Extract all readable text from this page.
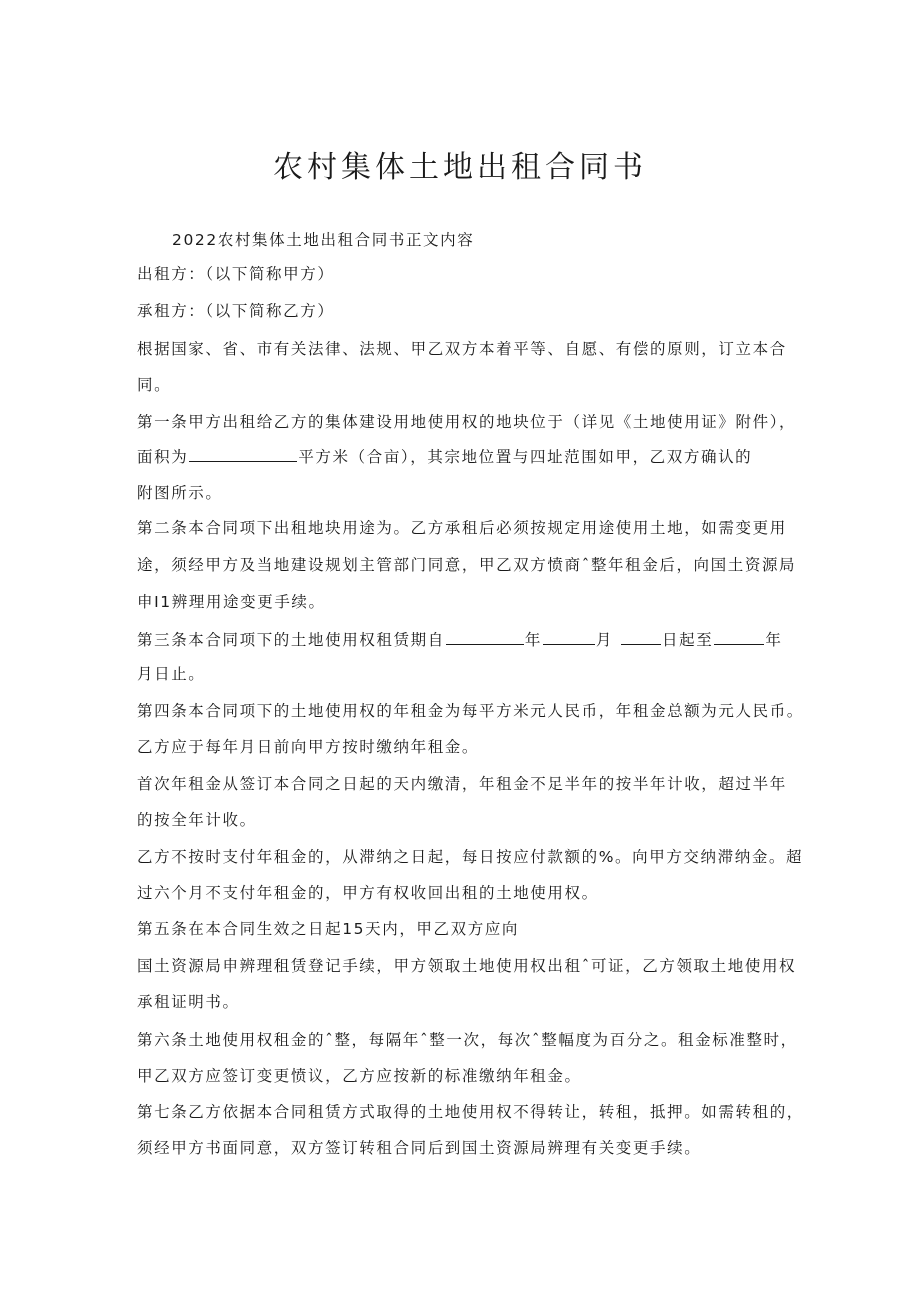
农村集体土地出租合同书
2022农村集体土地出租合同书正文内容
出租方：（以下简称甲方）
承租方：（以下简称乙方）
根据国家、省、市有关法律、法规、甲乙双方本着平等、自愿、有偿的原则，订立本合
同。
第一条甲方出租给乙方的集体建设用地使用权的地块位于（详见《土地使用证》附件），
面积为	平方米（合亩），其宗地位置与四址范围如甲，乙双方确认的
附图所示。
第二条本合同项下出租地块用途为。乙方承租后必须按规定用途使用土地，如需变更用
途，须经甲方及当地建设规划主管部门同意，甲乙双方愤商ˆ整年租金后，向国土资源局
申I1辨理用途变更手续。
第三条本合同项下的土地使用权租赁期自	年	月	日起至	年
月日止。
第四条本合同项下的土地使用权的年租金为每平方米元人民币，年租金总额为元人民币。
乙方应于每年月日前向甲方按时缴纳年租金。
首次年租金从签订本合同之日起的天内缴清，年租金不足半年的按半年计收，超过半年
的按全年计收。
乙方不按时支付年租金的，从滞纳之日起，每日按应付款额的%。向甲方交纳滞纳金。超
过六个月不支付年租金的，甲方有权收回出租的土地使用权。
第五条在本合同生效之日起15天内，甲乙双方应向
国土资源局申辨理租赁登记手续，甲方领取土地使用权出租ˆ可证，乙方领取土地使用权
承租证明书。
第六条土地使用权租金的ˆ整，每隔年ˆ整一次，每次ˆ整幅度为百分之。租金标准整时，
甲乙双方应签订变更愤议，乙方应按新的标准缴纳年租金。
第七条乙方依据本合同租赁方式取得的土地使用权不得转让，转租，抵押。如需转租的，
须经甲方书面同意，双方签订转租合同后到国土资源局辨理有关变更手续。
